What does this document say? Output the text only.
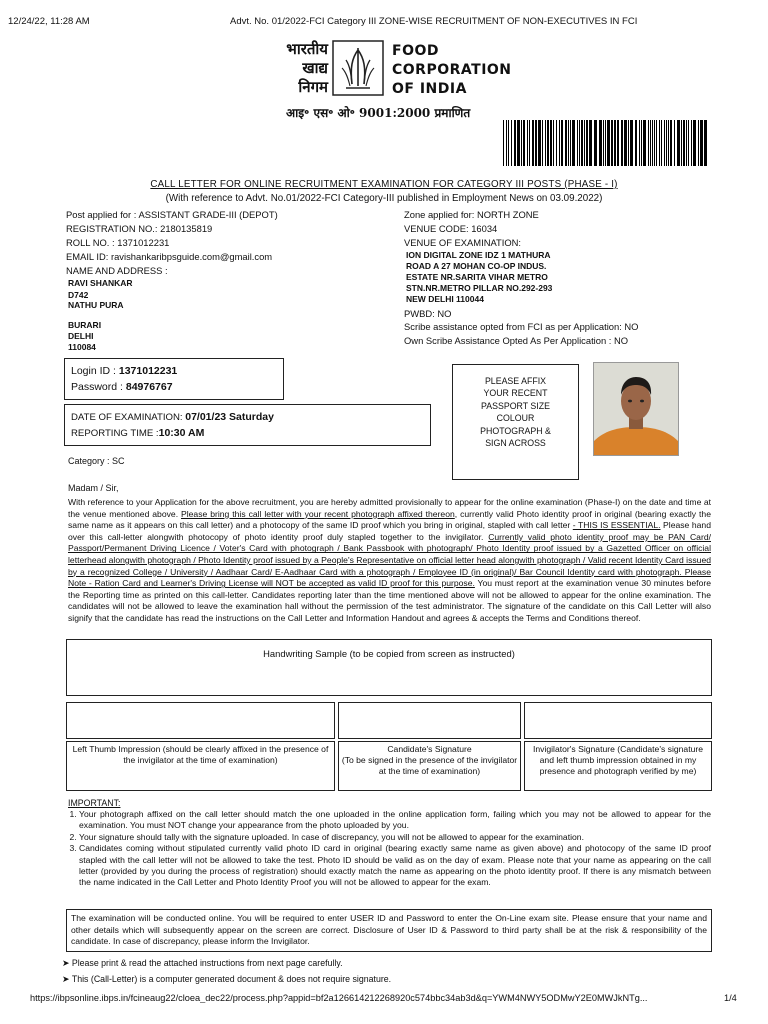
12/24/22, 11:28 AM	Advt. No. 01/2022-FCI Category III ZONE-WISE RECRUITMENT OF NON-EXECUTIVES IN FCI
भारतीय
खाद्य
निगम
FOOD
CORPORATION
OF INDIA
आइ॰ एस॰ ओ॰ 9001:2000 प्रमाणित
CALL LETTER FOR ONLINE RECRUITMENT EXAMINATION FOR CATEGORY III POSTS (PHASE - I)
(With reference to Advt. No.01/2022-FCI Category-III published in Employment News on 03.09.2022)
Post applied for : ASSISTANT GRADE-III (DEPOT)
REGISTRATION NO.: 2180135819
ROLL NO. : 1371012231
EMAIL ID: ravishankaribpsguide.com@gmail.com
NAME AND ADDRESS :
RAVI SHANKAR
D742
NATHU PURA
BURARI
DELHI
110084
Zone applied for: NORTH ZONE
VENUE CODE: 16034
VENUE OF EXAMINATION:
ION DIGITAL ZONE IDZ 1 MATHURA
ROAD A 27 MOHAN CO-OP INDUS.
ESTATE NR.SARITA VIHAR METRO
STN.NR.METRO PILLAR NO.292-293
NEW DELHI 110044
PWBD: NO
Scribe assistance opted from FCI as per Application: NO
Own Scribe Assistance Opted As Per Application : NO
Login ID : 1371012231
Password : 84976767
DATE OF EXAMINATION: 07/01/23 Saturday
REPORTING TIME :10:30 AM
PLEASE AFFIX
YOUR RECENT
PASSPORT SIZE
COLOUR
PHOTOGRAPH &
SIGN ACROSS
Category : SC
Madam / Sir,
With reference to your Application for the above recruitment, you are hereby admitted provisionally to appear for the online examination (Phase-I) on the date and time at the venue mentioned above. Please bring this call letter with your recent photograph affixed thereon, currently valid Photo identity proof in original (bearing exactly the same name as it appears on this call letter) and a photocopy of the same ID proof which you bring in original, stapled with call letter - THIS IS ESSENTIAL. Please hand over this call-letter alongwith photocopy of photo identity proof duly stapled together to the invigilator. Currently valid photo identity proof may be PAN Card/ Passport/Permanent Driving Licence / Voter's Card with photograph / Bank Passbook with photograph/ Photo Identity proof issued by a Gazetted Officer on official letterhead alongwith photograph / Photo Identity proof issued by a People's Representative on official letter head alongwith photograph / Valid recent Identity Card issued by a recognized College / University / Aadhaar Card/ E-Aadhaar Card with a photograph / Employee ID (in original)/ Bar Council Identity card with photograph. Please Note - Ration Card and Learner's Driving License will NOT be accepted as valid ID proof for this purpose. You must report at the examination venue 30 minutes before the Reporting time as printed on this call-letter. Candidates reporting later than the time mentioned above will not be allowed to appear for the online examination. The candidates will not be allowed to leave the examination hall without the permission of the test administrator. The signature of the candidate on this Call Letter will also signify that the candidate has read the instructions on the Call Letter and Information Handout and agrees & accepts the Terms and Conditions thereof.
Handwriting Sample (to be copied from screen as instructed)
Left Thumb Impression (should be clearly affixed in the presence of the invigilator at the time of examination)
Candidate's Signature
(To be signed in the presence of the invigilator at the time of examination)
Invigilator's Signature (Candidate's signature and left thumb impression obtained in my presence and photograph verified by me)
IMPORTANT:
1. Your photograph affixed on the call letter should match the one uploaded in the online application form, failing which you may not be allowed to appear for the examination. You must NOT change your appearance from the photo uploaded by you.
2. Your signature should tally with the signature uploaded. In case of discrepancy, you will not be allowed to appear for the examination.
3. Candidates coming without stipulated currently valid photo ID card in original (bearing exactly same name as given above) and photocopy of the same ID proof stapled with the call letter will not be allowed to take the test. Photo ID should be valid as on the day of exam. Please note that your name as appearing on the call letter (provided by you during the process of registration) should exactly match the name as appearing on the photo identity proof. If there is any mismatch between the name indicated in the Call Letter and Photo Identity Proof you will not be allowed to appear for the exam.
The examination will be conducted online. You will be required to enter USER ID and Password to enter the On-Line exam site. Please ensure that your name and other details which will subsequently appear on the screen are correct. Disclosure of User ID & Password to third party shall be at the risk & responsibility of the candidate. In case of discrepancy, please inform the Invigilator.
➤ Please print & read the attached instructions from next page carefully.
➤ This (Call-Letter) is a computer generated document & does not require signature.
https://ibpsonline.ibps.in/fcineaug22/cloea_dec22/process.php?appid=bf2a126614212268920c574bbc34ab3d&q=YWM4NWY5ODMwY2E0MWJkNTg...	1/4
